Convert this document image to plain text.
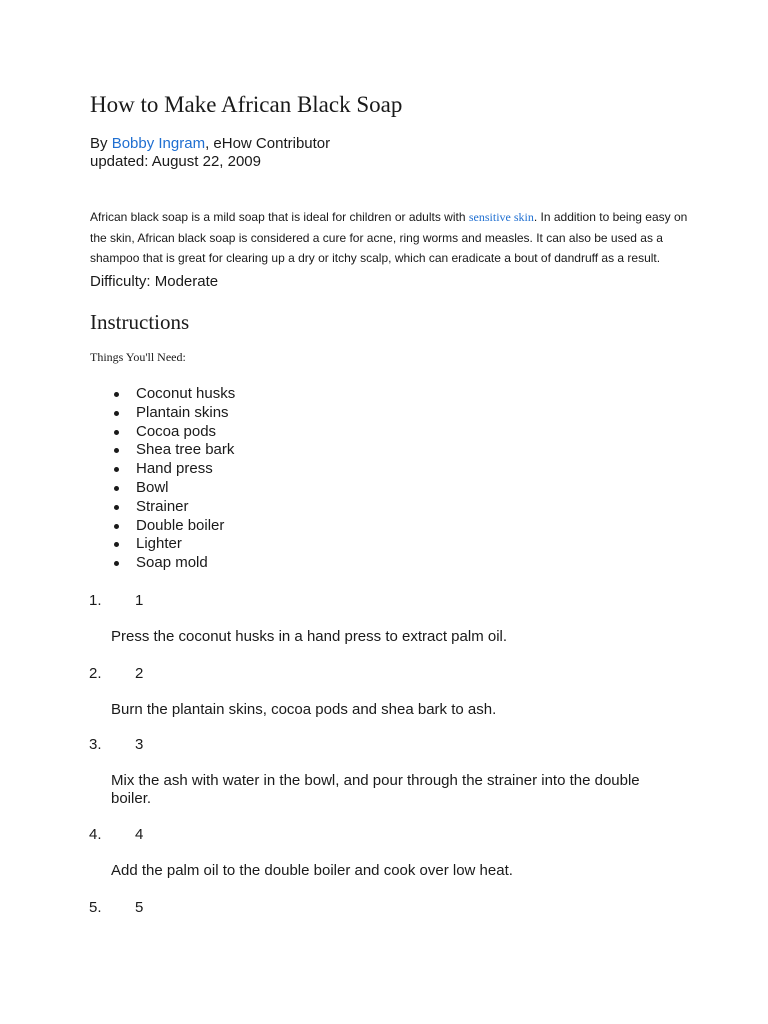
How to Make African Black Soap
By Bobby Ingram, eHow Contributor
updated: August 22, 2009

African black soap is a mild soap that is ideal for children or adults with sensitive skin. In addition to being easy on the skin, African black soap is considered a cure for acne, ring worms and measles. It can also be used as a shampoo that is great for clearing up a dry or itchy scalp, which can eradicate a bout of dandruff as a result.

Difficulty: Moderate
Instructions
Things You'll Need:
Coconut husks
Plantain skins
Cocoa pods
Shea tree bark
Hand press
Bowl
Strainer
Double boiler
Lighter
Soap mold
1. 1

Press the coconut husks in a hand press to extract palm oil.

2. 2

Burn the plantain skins, cocoa pods and shea bark to ash.

3. 3

Mix the ash with water in the bowl, and pour through the strainer into the double boiler.

4. 4

Add the palm oil to the double boiler and cook over low heat.

5. 5
